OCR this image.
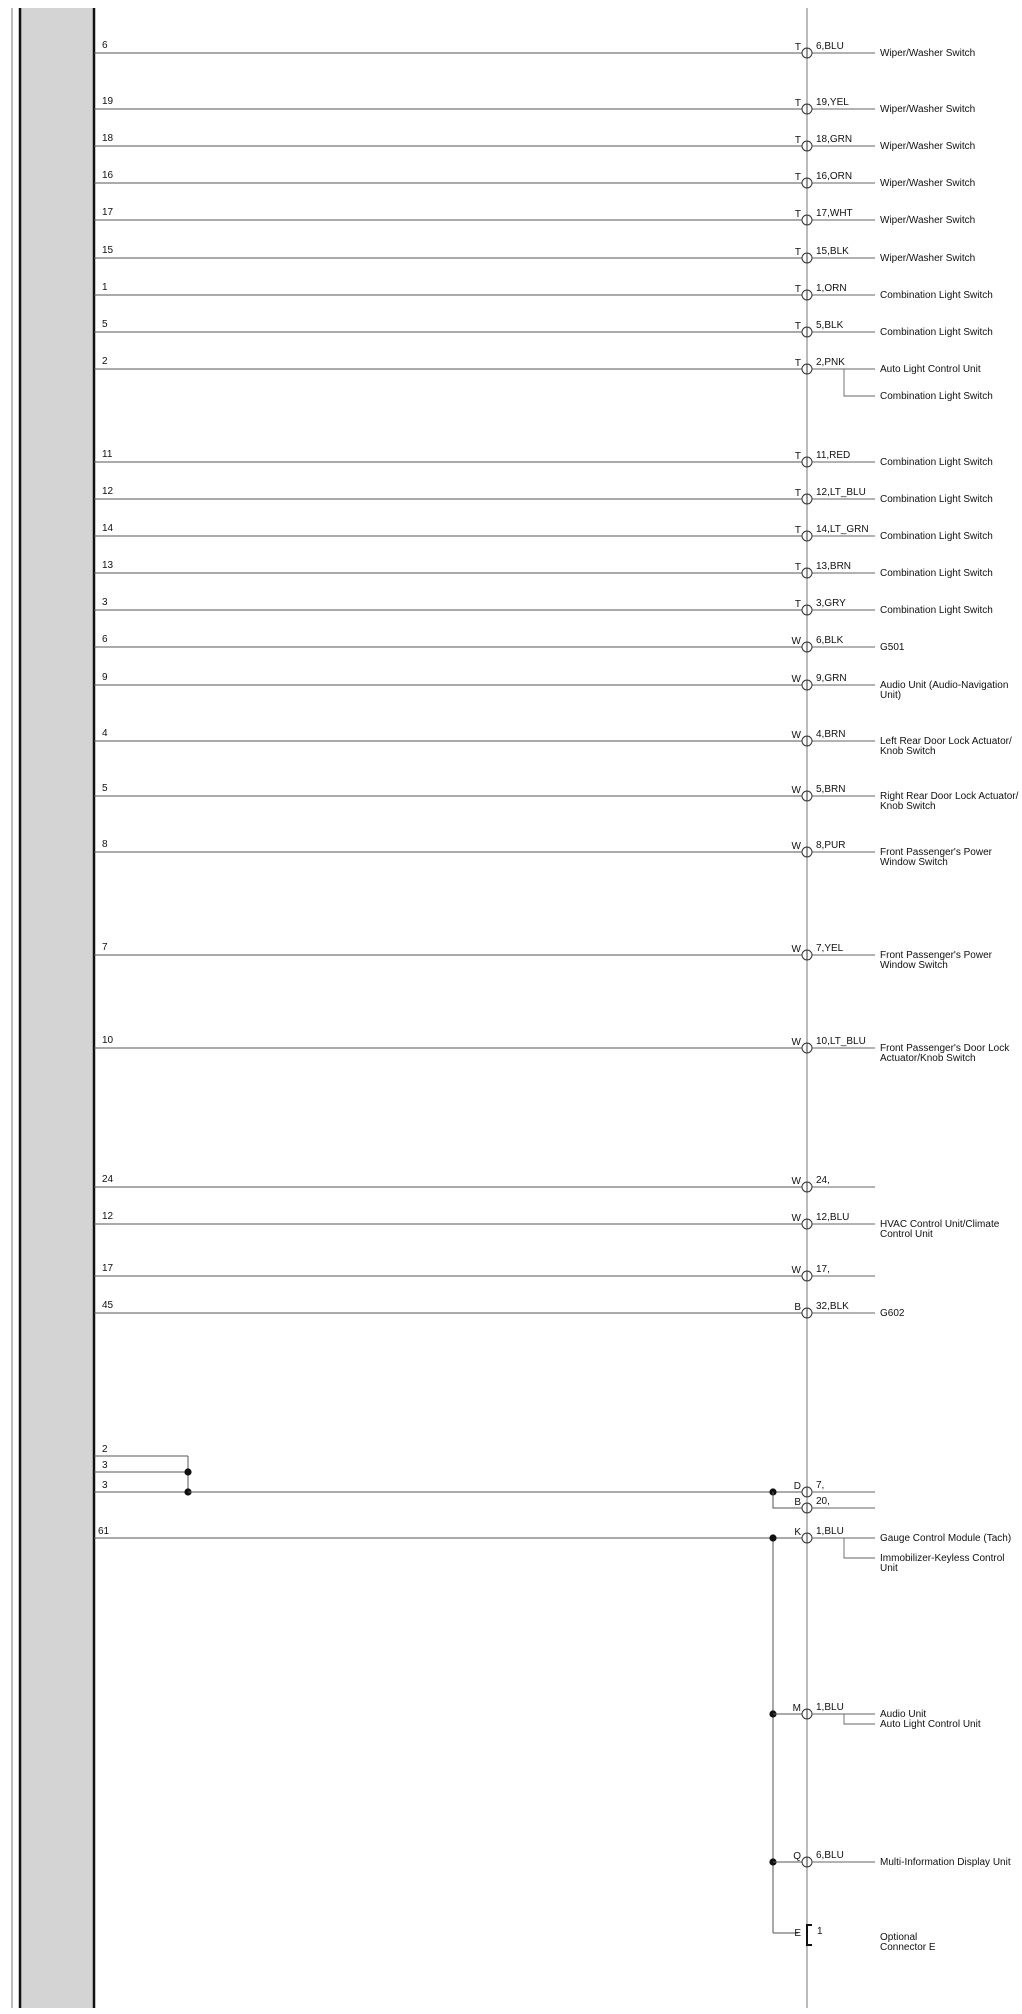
6	T 6,BLU
Wiper/Washer Switch
19	T 19,YEL
Wiper/Washer Switch
18	T 18,GRN
Wiper/Washer Switch
16	T 16,ORN
Wiper/Washer Switch
17	T 17,WHT
Wiper/Washer Switch
15	T 15,BLK
Wiper/Washer Switch
1	T 1,ORN
Combination Light Switch
5	T 5,BLK
Combination Light Switch
2	T 2,PNK
Auto Light Control Unit
Combination Light Switch
11	T 11,RED
Combination Light Switch
12	T 12,LT_BLU
Combination Light Switch
14	T 14,LT_GRN
Combination Light Switch
13	T 13,BRN
Combination Light Switch
3	T 3,GRY
Combination Light Switch
6	W 6,BLK
G501
9	W 9,GRN
Audio Unit (Audio-Navigation
Unit)
4	W 4,BRN
Left Rear Door Lock Actuator/
Knob Switch
5	W 5,BRN
Right Rear Door Lock Actuator/
Knob Switch
8	W 8,PUR
Front Passenger's Power
Window Switch
7	W 7,YEL
Front Passenger's Power
Window Switch
10	W 10,LT_BLU
Front Passenger's Door Lock
Actuator/Knob Switch
24	W 24,
12	W 12,BLU
HVAC Control Unit/Climate
Control Unit
17	W 17,
45	B 32,BLK
G602
2
3
3	D 7,
B 20,
61	K 1,BLU
Gauge Control Module (Tach)
Immobilizer-Keyless Control
Unit
M 1,BLU
Audio Unit
Auto Light Control Unit
Q 6,BLU
Multi-Information Display Unit
E 1
Optional
Connector E
